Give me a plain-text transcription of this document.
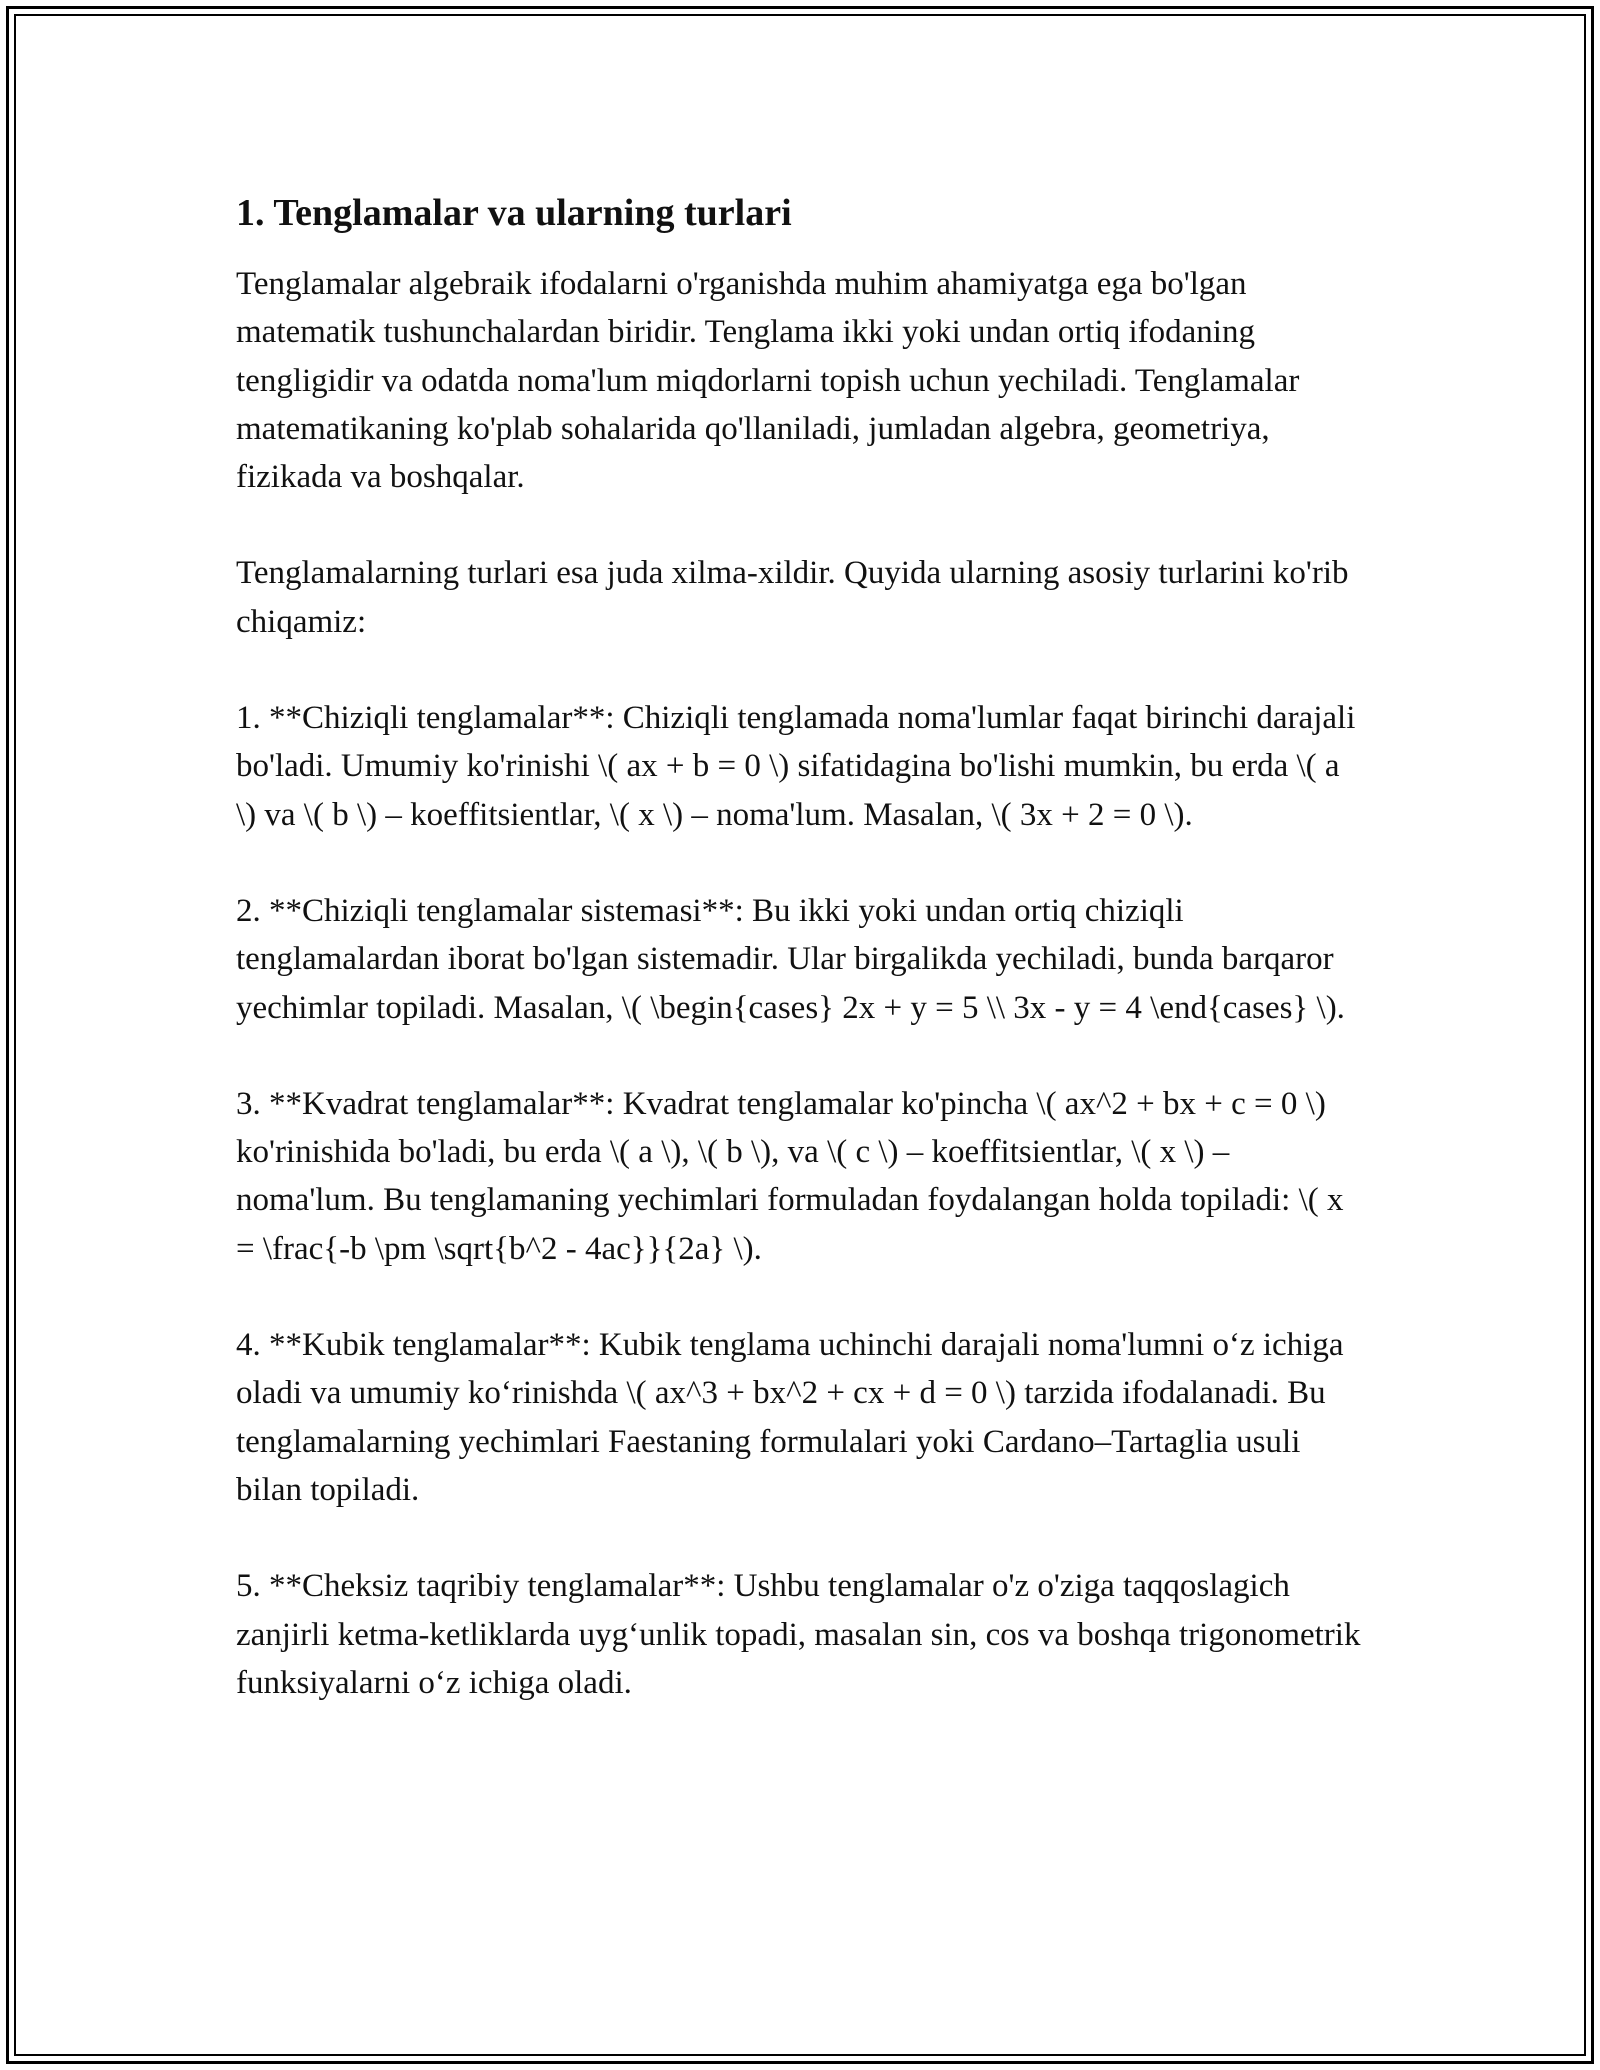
1. Tenglamalar va ularning turlari

Tenglamalar algebraik ifodalarni o'rganishda muhim ahamiyatga ega bo'lgan matematik tushunchalardan biridir. Tenglama ikki yoki undan ortiq ifodaning tengligidir va odatda noma'lum miqdorlarni topish uchun yechiladi. Tenglamalar matematikaning ko'plab sohalarida qo'llaniladi, jumladan algebra, geometriya, fizikada va boshqalar.

Tenglamalarning turlari esa juda xilma-xildir. Quyida ularning asosiy turlarini ko'rib chiqamiz:

1. **Chiziqli tenglamalar**: Chiziqli tenglamada noma'lumlar faqat birinchi darajali bo'ladi. Umumiy ko'rinishi \( ax + b = 0 \) sifatidagina bo'lishi mumkin, bu erda \( a \) va \( b \) – koeffitsientlar, \( x \) – noma'lum. Masalan, \( 3x + 2 = 0 \).

2. **Chiziqli tenglamalar sistemasi**: Bu ikki yoki undan ortiq chiziqli tenglamalardan iborat bo'lgan sistemadir. Ular birgalikda yechiladi, bunda barqaror yechimlar topiladi. Masalan, \( \begin{cases} 2x + y = 5 \\ 3x - y = 4 \end{cases} \).

3. **Kvadrat tenglamalar**: Kvadrat tenglamalar ko'pincha \( ax^2 + bx + c = 0 \) ko'rinishida bo'ladi, bu erda \( a \), \( b \), va \( c \) – koeffitsientlar, \( x \) – noma'lum. Bu tenglamaning yechimlari formuladan foydalangan holda topiladi: \( x = \frac{-b \pm \sqrt{b^2 - 4ac}}{2a} \).

4. **Kubik tenglamalar**: Kubik tenglama uchinchi darajali noma'lumni o‘z ichiga oladi va umumiy ko‘rinishda \( ax^3 + bx^2 + cx + d = 0 \) tarzida ifodalanadi. Bu tenglamalarning yechimlari Faestaning formulalari yoki Cardano–Tartaglia usuli bilan topiladi.

5. **Cheksiz taqribiy tenglamalar**: Ushbu tenglamalar o'z o'ziga taqqoslagich zanjirli ketma-ketliklarda uyg‘unlik topadi, masalan sin, cos va boshqa trigonometrik funksiyalarni o‘z ichiga oladi.
